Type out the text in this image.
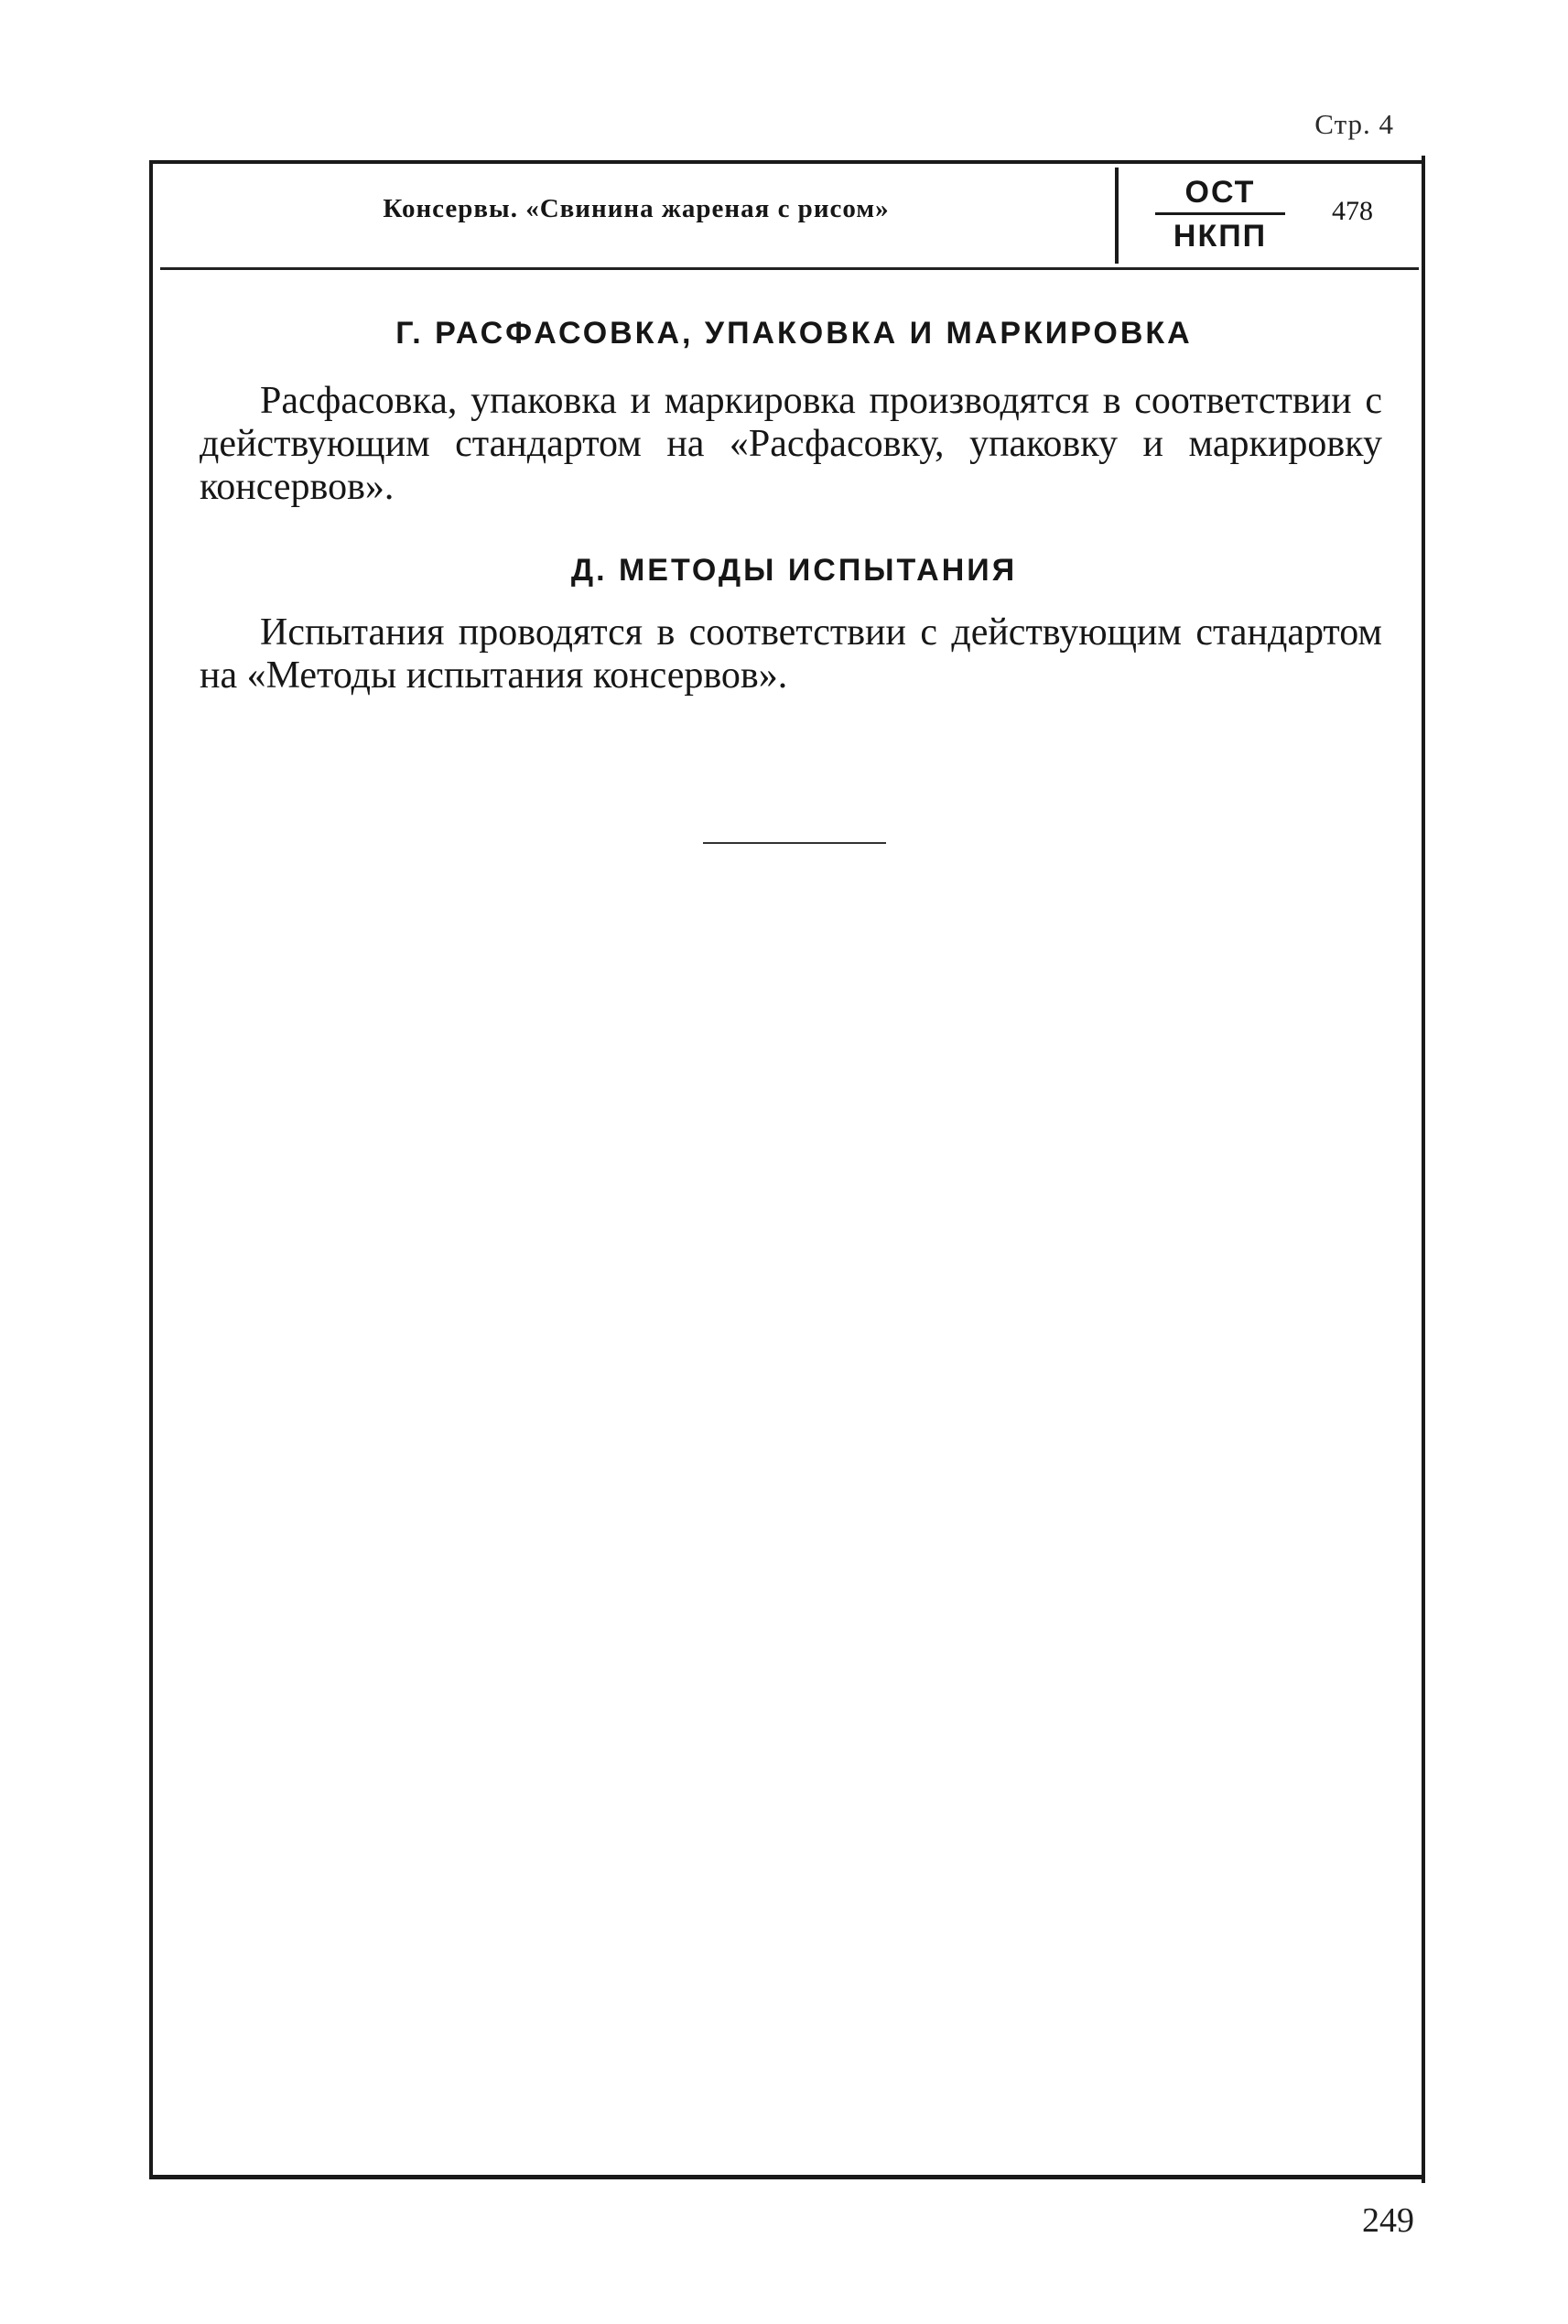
Стр. 4
Консервы. «Свинина жареная с рисом»	ОСТ
НКПП
478
Г. РАСФАСОВКА, УПАКОВКА И МАРКИРОВКА

Расфасовка, упаковка и маркировка производятся в соответствии с действующим стандартом на «Расфасовку, упаковку и маркировку консервов».

Д. МЕТОДЫ ИСПЫТАНИЯ

Испытания проводятся в соответствии с действующим стандартом на «Методы испытания консервов».

249
